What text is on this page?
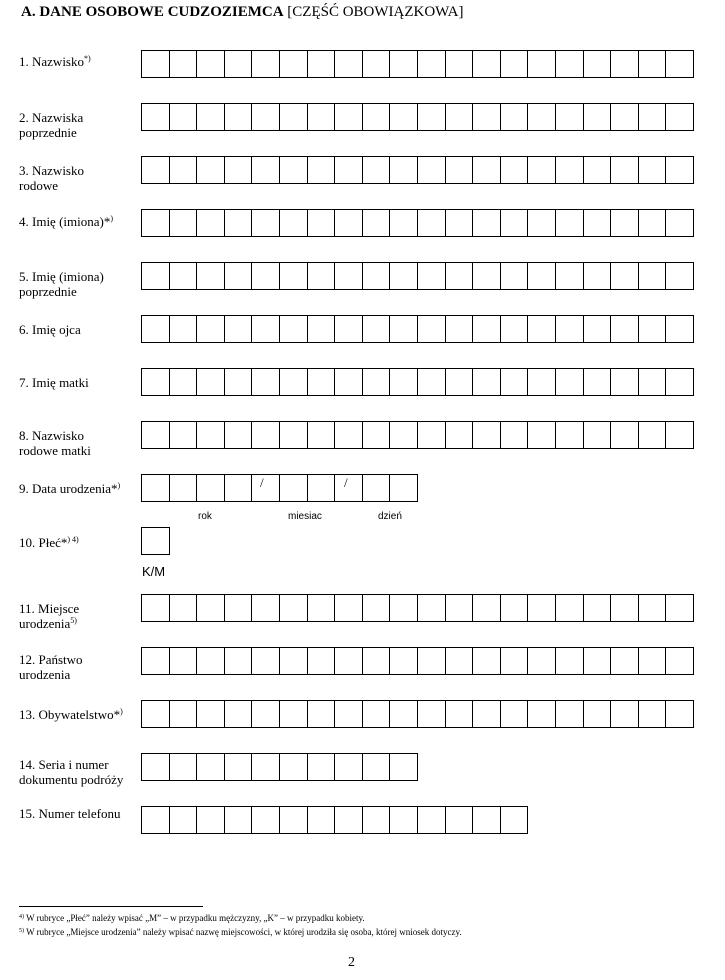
A. DANE OSOBOWE CUDZOZIEMCA [CZĘŚĆ OBOWIĄZKOWA]
1. Nazwisko*)
2. Nazwiska
poprzednie
3. Nazwisko
rodowe
4. Imię (imiona)*)
5. Imię (imiona)
poprzednie
6. Imię ojca
7. Imię matki
8. Nazwisko
rodowe matki
9. Data urodzenia*)	/	/
rok	miesiac	dzień
10. Płeć*$^{) 4)}$
K/M
11. Miejsce
urodzenia$^{5)}$
12. Państwo
urodzenia
13. Obywatelstwo*)
14. Seria i numer
dokumentu podróży
15. Numer telefonu
$^{4)}$ W rubryce „Płeć” należy wpisać „M” – w przypadku mężczyzny, „K” – w przypadku kobiety.
$^{5)}$ W rubryce „Miejsce urodzenia” należy wpisać nazwę miejscowości, w której urodziła się osoba, której wniosek dotyczy.
2
